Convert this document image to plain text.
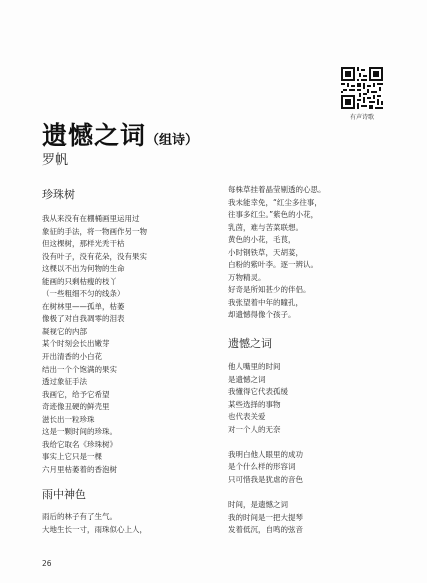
有声诗歌
遗憾之词（组诗）
罗帆
珍珠树
我从来没有在棚桶画里运用过
象征的手法，将一物画作另一物
但这棵树，那样光秃干枯
没有叶子，没有花朵，没有果实
这棵以不出为何物的生命
能画的只剩枯瘦的枝丫
（一些粗细不匀的线条）
在树林里——孤单，枯萎
像极了对自我凋零的泪表
凝视它的内部
某个时刻会长出嫩芽
开出清香的小白花
结出一个个饱满的果实
透过象征手法
我画它，给予它希望
奇迹像丑硬的鲜壳里
滋长出一粒珍珠
这是一颗时间的珍珠。
我给它取名《珍珠树》
事实上它只是一棵
六月里枯萎着的香泡树
雨中神色
雨后的林子有了生气。
大地生长一寸，雨珠似心上人，
每株草挂着晶莹剔透的心思。
我未能幸免，“红尘多往事，
往事多红尘。”紫色的小花，
乳茵，难与苦菜联想。
黄色的小花，毛茛，
小时钢铁草，天胡荽，
白粉的紫叶李。逐一辨认。
万物精灵。
好奇是所知甚少的伴侣。
我张望着中年的瞳孔，
却遗憾得像个孩子。
遗憾之词
他人嘴里的时间
是遗憾之词
我懂得它代表孤缓
某些选择的事物
也代表关爱
对一个人的无奈
我明白他人眼里的成功
是个什么样的形容词
只可惜我是犹虐的音色
时间，是遗憾之词
我的时间是一把大提琴
发着低沉，自鸣的弦音
26
